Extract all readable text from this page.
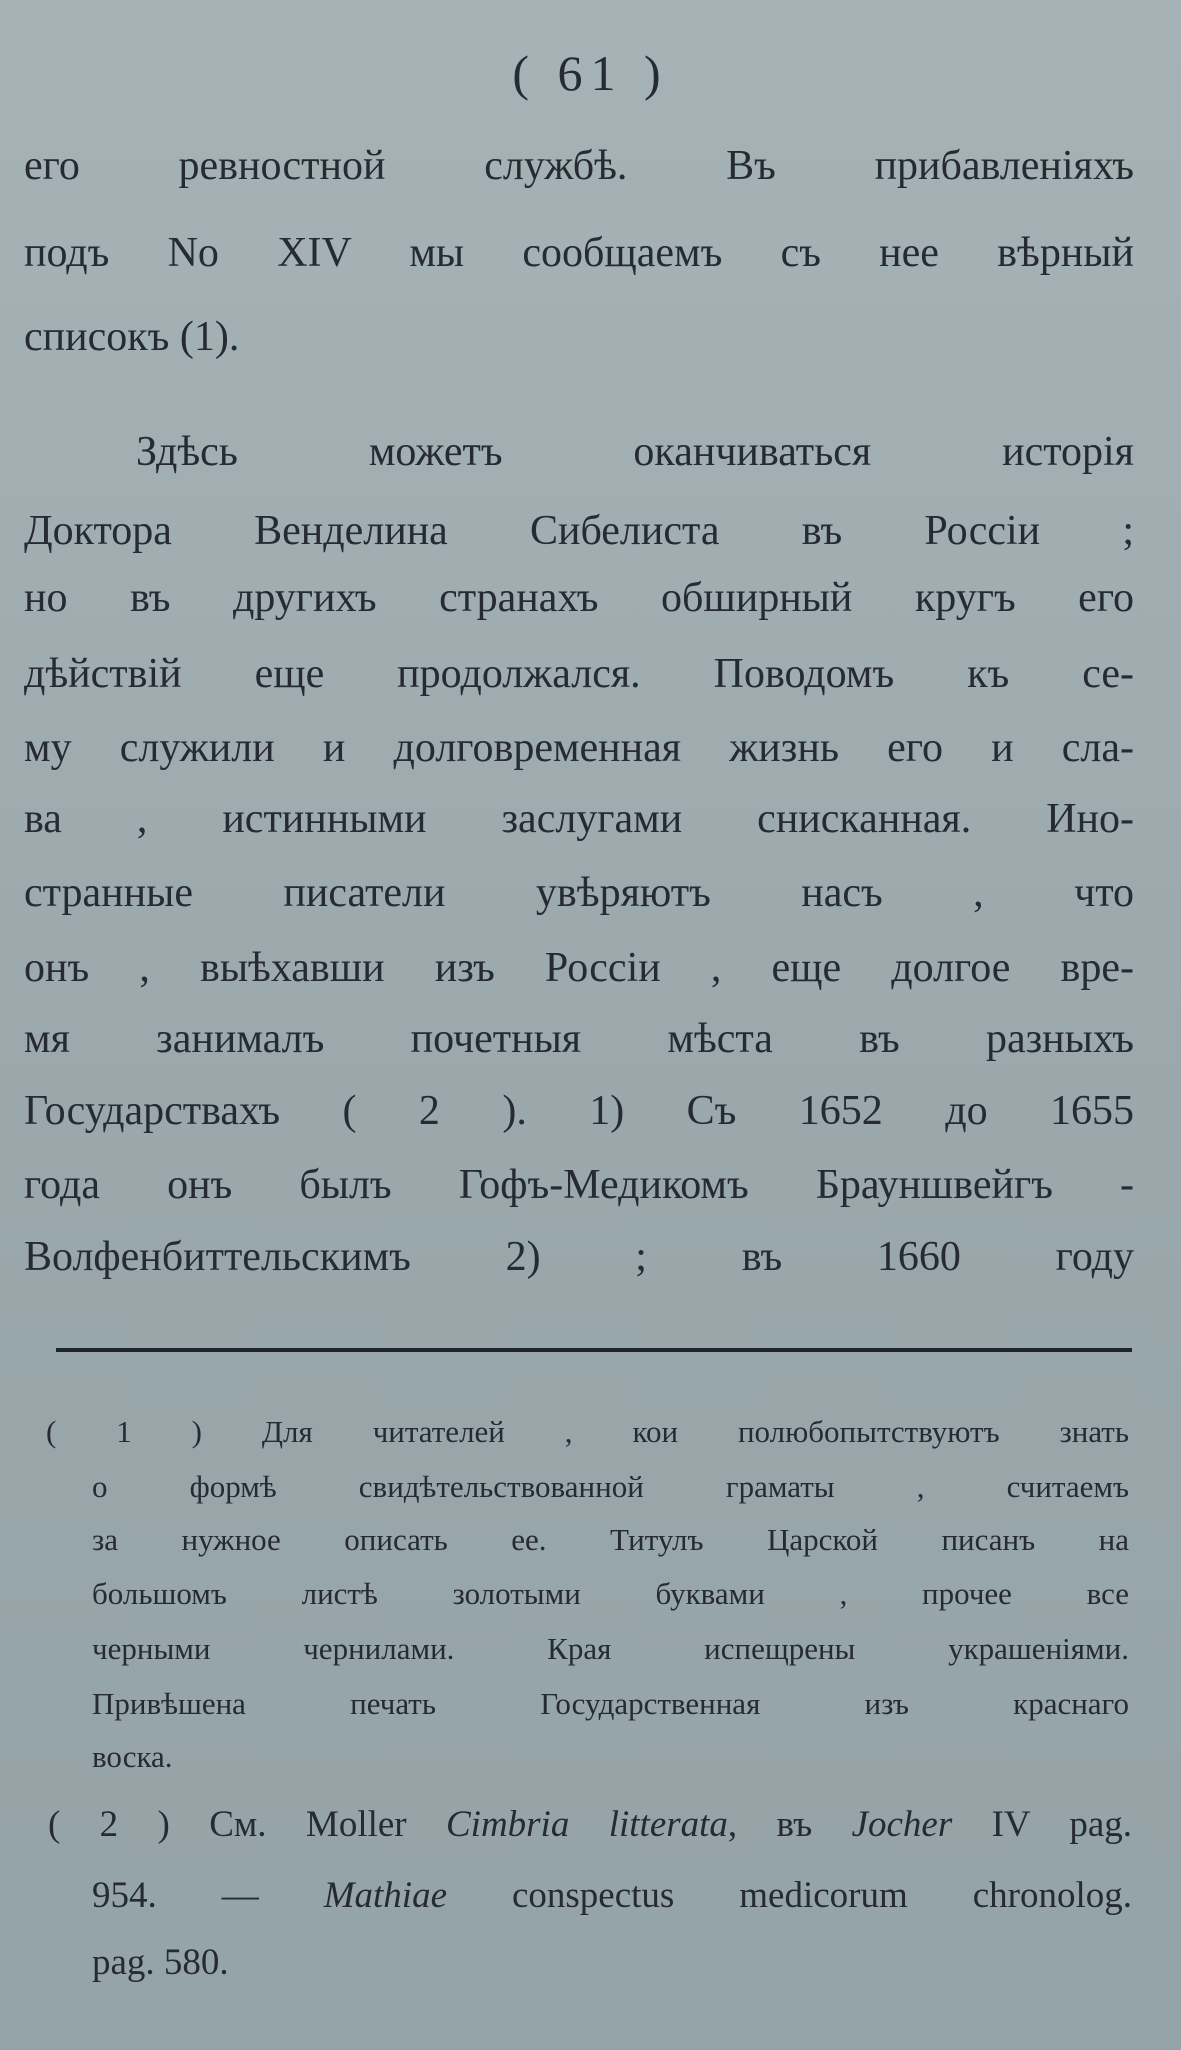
( 61 )
его ревностной службѣ. Въ прибавленіяхъ
подъ No XIV мы сообщаемъ съ нее вѣрный
списокъ (1).
Здѣсь можетъ оканчиваться исторія
Доктора Венделина Сибелиста въ Россіи ;
но въ другихъ странахъ обширный кругъ его
дѣйствій еще продолжался. Поводомъ къ се-
му служили и долговременная жизнь его и сла-
ва , истинными заслугами снисканная. Ино-
странные писатели увѣряютъ насъ , что
онъ , выѣхавши изъ Россіи , еще долгое вре-
мя занималъ почетныя мѣста въ разныхъ
Государствахъ ( 2 ). 1) Съ 1652 до 1655
года онъ былъ Гофъ-Медикомъ Брауншвейгъ -
Волфенбиттельскимъ 2) ; въ 1660 году
( 1 ) Для читателей , кои полюбопытствуютъ знать
о формѣ свидѣтельствованной граматы , считаемъ
за нужное описать ее. Титулъ Царской писанъ на
большомъ листѣ золотыми буквами , прочее все
черными чернилами. Края испещрены украшеніями.
Привѣшена печать Государственная изъ краснаго
воска.
( 2 ) См. Moller Cimbria litterata, въ Jocher IV pag.
954. — Mathiae conspectus medicorum chronolog.
pag. 580.
